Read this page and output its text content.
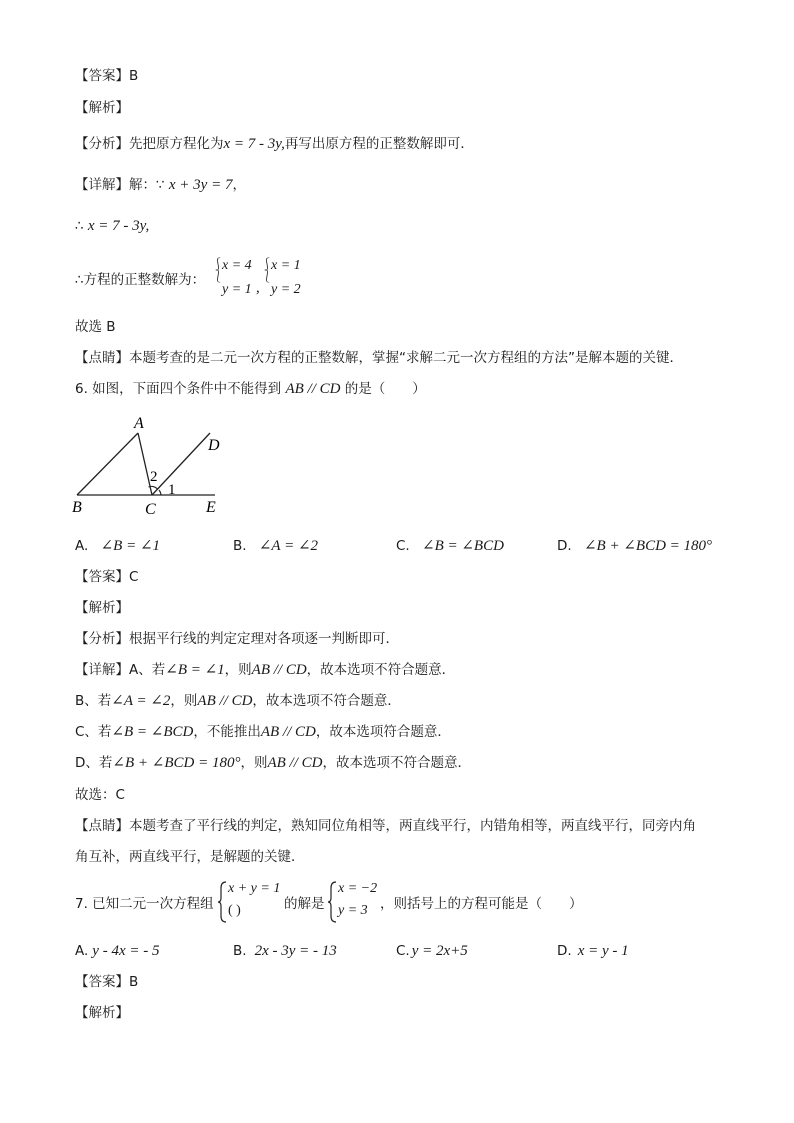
【答案】B
【解析】
【分析】先把原方程化为x = 7 - 3y,再写出原方程的正整数解即可．
【详解】解：∵ x + 3y = 7，
∴ x = 7 - 3y,
∴方程的正整数解为：
⎰
⎱
x = 4
y = 1 ,
⎰
⎱
x = 1
y = 2
故选 B
【点睛】本题考查的是二元一次方程的正整数解，掌握“求解二元一次方程组的方法”是解本题的关键．
6. 如图，下面四个条件中不能得到 AB // CD 的是（　　）
A
B	C
D
E
2
1
A. ∠B = ∠1	B. ∠A = ∠2	C. ∠B = ∠BCD	D. ∠B + ∠BCD = 180°
【答案】C
【解析】
【分析】根据平行线的判定定理对各项逐一判断即可．
【详解】A、若∠B = ∠1，则AB // CD，故本选项不符合题意．
B、若∠A = ∠2，则AB // CD，故本选项不符合题意．
C、若∠B = ∠BCD，不能推出AB // CD，故本选项符合题意．
D、若∠B + ∠BCD = 180°，则AB // CD，故本选项不符合题意．
故选：C
【点睛】本题考查了平行线的判定，熟知同位角相等，两直线平行，内错角相等，两直线平行，同旁内角
角互补，两直线平行，是解题的关键．
7. 已知二元一次方程组
x + y = 1
( )	的解是
x = −2
y = 3 ，则括号上的方程可能是（　　）
A. y - 4x = - 5	B. 2x - 3y = - 13	C. y = 2x+5	D. x = y - 1
【答案】B
【解析】
